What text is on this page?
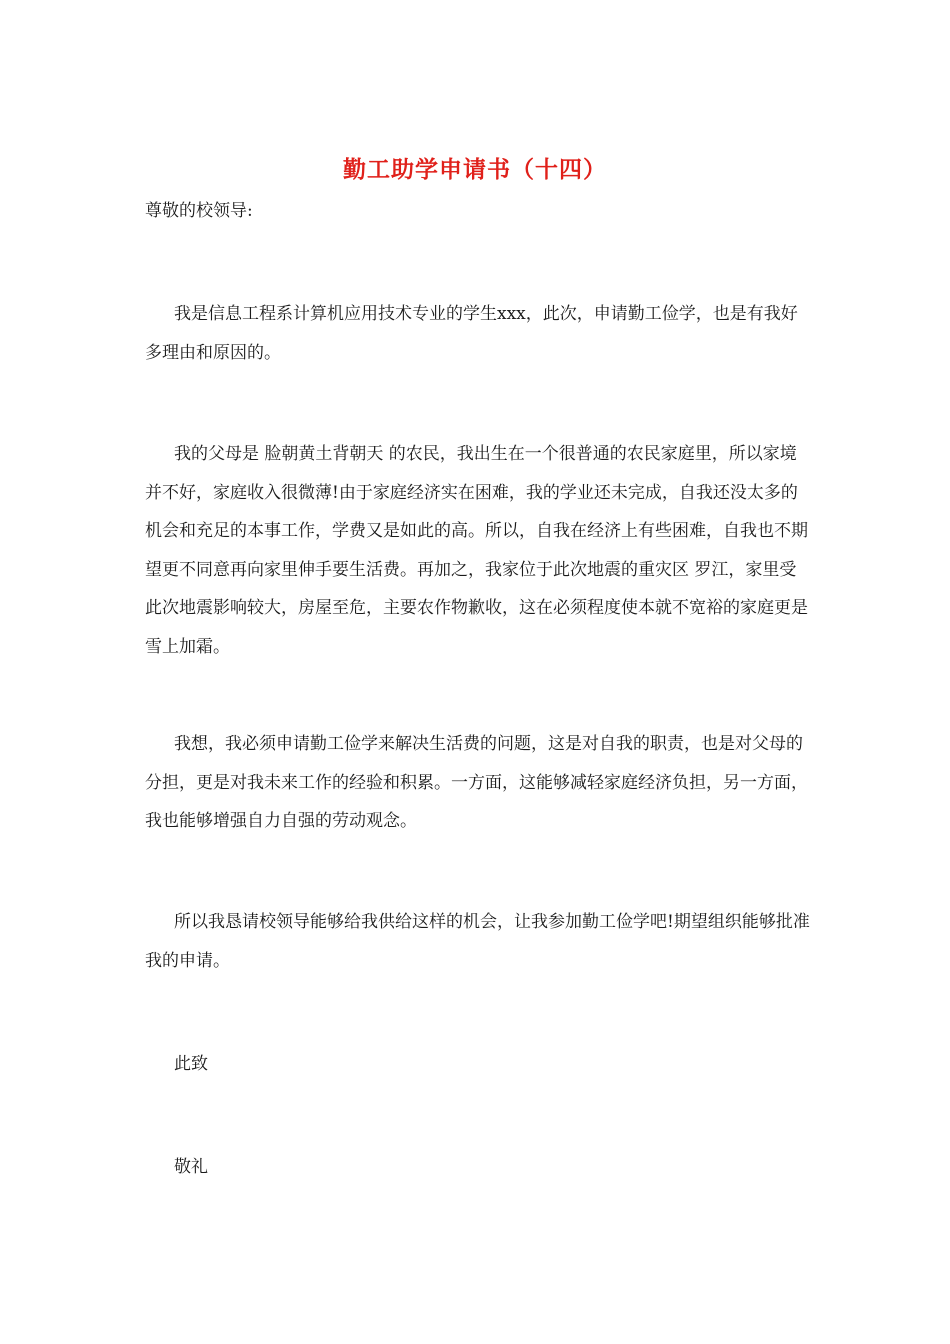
勤工助学申请书（十四）
尊敬的校领导:
我是信息工程系计算机应用技术专业的学生xxx，此次，申请勤工俭学，也是有我好多理由和原因的。
我的父母是 脸朝黄土背朝天 的农民，我出生在一个很普通的农民家庭里，所以家境并不好，家庭收入很微薄!由于家庭经济实在困难，我的学业还未完成，自我还没太多的机会和充足的本事工作，学费又是如此的高。所以，自我在经济上有些困难，自我也不期望更不同意再向家里伸手要生活费。再加之，我家位于此次地震的重灾区 罗江，家里受此次地震影响较大，房屋至危，主要农作物歉收，这在必须程度使本就不宽裕的家庭更是雪上加霜。
我想，我必须申请勤工俭学来解决生活费的问题，这是对自我的职责，也是对父母的分担，更是对我未来工作的经验和积累。一方面，这能够减轻家庭经济负担，另一方面，我也能够增强自力自强的劳动观念。
所以我恳请校领导能够给我供给这样的机会，让我参加勤工俭学吧!期望组织能够批准我的申请。
此致
敬礼
